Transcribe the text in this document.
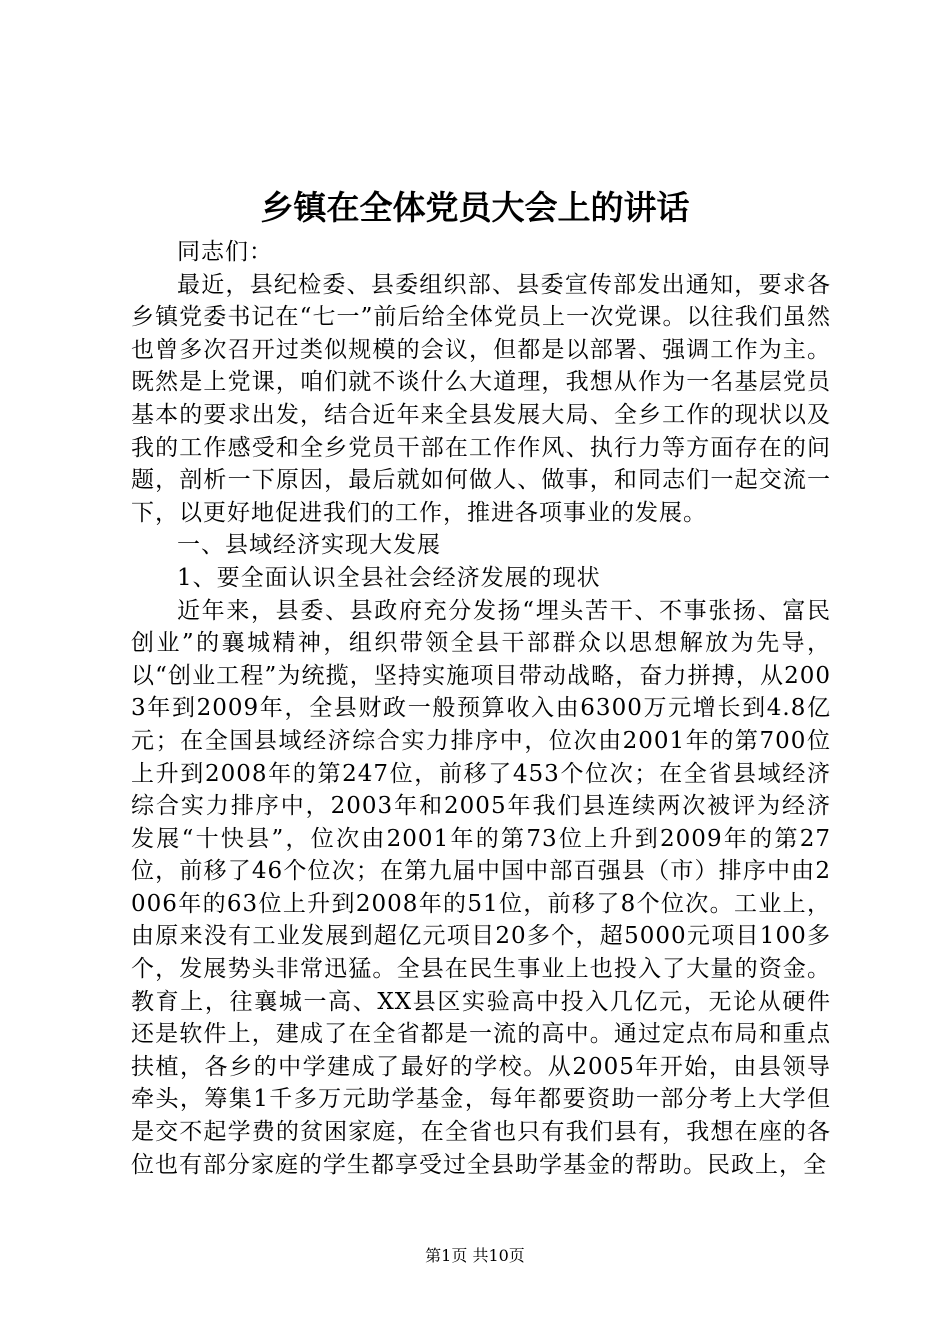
乡镇在全体党员大会上的讲话

同志们：

最近，县纪检委、县委组织部、县委宣传部发出通知，要求各乡镇党委书记在“七一”前后给全体党员上一次党课。以往我们虽然也曾多次召开过类似规模的会议，但都是以部署、强调工作为主。既然是上党课，咱们就不谈什么大道理，我想从作为一名基层党员基本的要求出发，结合近年来全县发展大局、全乡工作的现状以及我的工作感受和全乡党员干部在工作作风、执行力等方面存在的问题，剖析一下原因，最后就如何做人、做事，和同志们一起交流一下，以更好地促进我们的工作，推进各项事业的发展。

一、县域经济实现大发展

1、要全面认识全县社会经济发展的现状

近年来，县委、县政府充分发扬“埋头苦干、不事张扬、富民创业”的襄城精神，组织带领全县干部群众以思想解放为先导，以“创业工程”为统揽，坚持实施项目带动战略，奋力拼搏，从2003年到2009年，全县财政一般预算收入由6300万元增长到4.8亿元；在全国县域经济综合实力排序中，位次由2001年的第700位上升到2008年的第247位，前移了453个位次；在全省县域经济综合实力排序中，2003年和2005年我们县连续两次被评为经济发展“十快县”，位次由2001年的第73位上升到2009年的第27位，前移了46个位次；在第九届中国中部百强县（市）排序中由2006年的63位上升到2008年的51位，前移了8个位次。工业上，由原来没有工业发展到超亿元项目20多个，超5000元项目100多个，发展势头非常迅猛。全县在民生事业上也投入了大量的资金。教育上，往襄城一高、XX县区实验高中投入几亿元，无论从硬件还是软件上，建成了在全省都是一流的高中。通过定点布局和重点扶植，各乡的中学建成了最好的学校。从2005年开始，由县领导牵头，筹集1千多万元助学基金，每年都要资助一部分考上大学但是交不起学费的贫困家庭，在全省也只有我们县有，我想在座的各位也有部分家庭的学生都享受过全县助学基金的帮助。民政上，全

第1页 共10页
